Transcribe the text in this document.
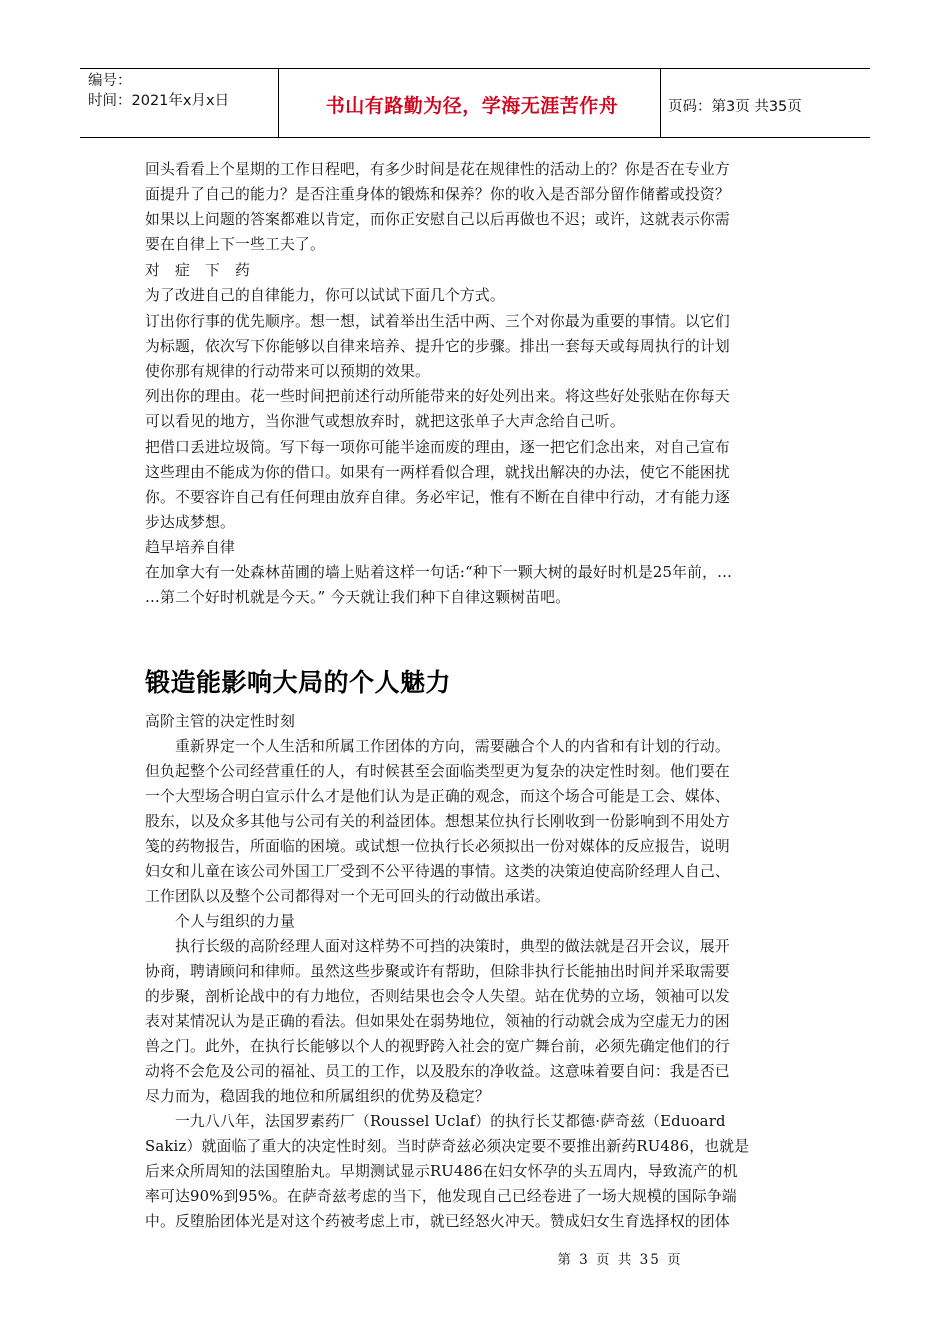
编号：
时间：2021年x月x日	书山有路勤为径，学海无涯苦作舟	页码：第3页 共35页
回头看看上个星期的工作日程吧，有多少时间是花在规律性的活动上的？你是否在专业方
面提升了自己的能力？是否注重身体的锻炼和保养？你的收入是否部分留作储蓄或投资？
如果以上问题的答案都难以肯定，而你正安慰自己以后再做也不迟；或许，这就表示你需
要在自律上下一些工夫了。
对　症　下　药
为了改进自己的自律能力，你可以试试下面几个方式。
订出你行事的优先顺序。想一想，试着举出生活中两、三个对你最为重要的事情。以它们
为标题，依次写下你能够以自律来培养、提升它的步骤。排出一套每天或每周执行的计划
使你那有规律的行动带来可以预期的效果。
列出你的理由。花一些时间把前述行动所能带来的好处列出来。将这些好处张贴在你每天
可以看见的地方，当你泄气或想放弃时，就把这张单子大声念给自己听。
把借口丢进垃圾筒。写下每一项你可能半途而废的理由，逐一把它们念出来，对自己宣布
这些理由不能成为你的借口。如果有一两样看似合理，就找出解决的办法，使它不能困扰
你。不要容许自己有任何理由放弃自律。务必牢记，惟有不断在自律中行动，才有能力逐
步达成梦想。
趋早培养自律
在加拿大有一处森林苗圃的墙上贴着这样一句话:“种下一颗大树的最好时机是25年前，…
…第二个好时机就是今天。” 今天就让我们种下自律这颗树苗吧。
锻造能影响大局的个人魅力
高阶主管的决定性时刻
　　重新界定一个人生活和所属工作团体的方向，需要融合个人的内省和有计划的行动。
但负起整个公司经营重任的人，有时候甚至会面临类型更为复杂的决定性时刻。他们要在
一个大型场合明白宣示什么才是他们认为是正确的观念，而这个场合可能是工会、媒体、
股东，以及众多其他与公司有关的利益团体。想想某位执行长刚收到一份影响到不用处方
笺的药物报告，所面临的困境。或试想一位执行长必须拟出一份对媒体的反应报告，说明
妇女和儿童在该公司外国工厂受到不公平待遇的事情。这类的决策迫使高阶经理人自己、
工作团队以及整个公司都得对一个无可回头的行动做出承诺。
　　个人与组织的力量
　　执行长级的高阶经理人面对这样势不可挡的决策时，典型的做法就是召开会议，展开
协商，聘请顾问和律师。虽然这些步聚或许有帮助，但除非执行长能抽出时间并采取需要
的步聚，剖析论战中的有力地位，否则结果也会令人失望。站在优势的立场，领袖可以发
表对某情况认为是正确的看法。但如果处在弱势地位，领袖的行动就会成为空虚无力的困
兽之门。此外，在执行长能够以个人的视野跨入社会的宽广舞台前，必须先确定他们的行
动将不会危及公司的福祉、员工的工作，以及股东的净收益。这意味着要自问：我是否已
尽力而为，稳固我的地位和所属组织的优势及稳定？
　　一九八八年，法国罗素药厂（Roussel Uclaf）的执行长艾都德·萨奇兹（Eduoard
Sakiz）就面临了重大的决定性时刻。当时萨奇兹必须决定要不要推出新药RU486，也就是
后来众所周知的法国堕胎丸。早期测试显示RU486在妇女怀孕的头五周内，导致流产的机
率可达90%到95%。在萨奇兹考虑的当下，他发现自己已经卷进了一场大规模的国际争端
中。反堕胎团体光是对这个药被考虑上市，就已经怒火冲天。赞成妇女生育选择权的团体
第 3 页 共 35 页
